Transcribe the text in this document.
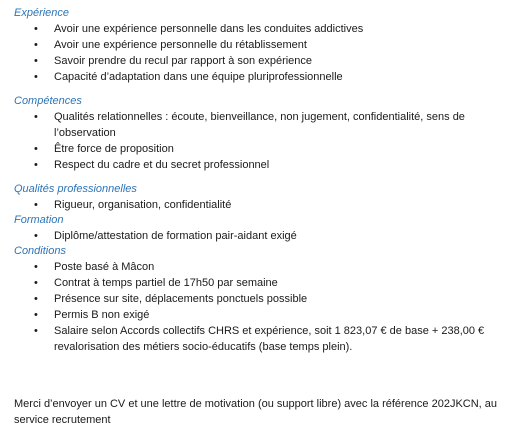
Expérience

• Avoir une expérience personnelle dans les conduites addictives
• Avoir une expérience personnelle du rétablissement
• Savoir prendre du recul par rapport à son expérience
• Capacité d’adaptation dans une équipe pluriprofessionnelle

Compétences

• Qualités relationnelles : écoute, bienveillance, non jugement, confidentialité, sens de l’observation
• Être force de proposition
• Respect du cadre et du secret professionnel

Qualités professionnelles

• Rigueur, organisation, confidentialité

Formation

• Diplôme/attestation de formation pair-aidant exigé

Conditions

• Poste basé à Mâcon
• Contrat à temps partiel de 17h50 par semaine
• Présence sur site, déplacements ponctuels possible
• Permis B non exigé
• Salaire selon Accords collectifs CHRS et expérience, soit 1 823,07 € de base + 238,00 € revalorisation des métiers socio-éducatifs (base temps plein).

Merci d’envoyer un CV et une lettre de motivation (ou support libre) avec la référence 202JKCN, au service recrutement
